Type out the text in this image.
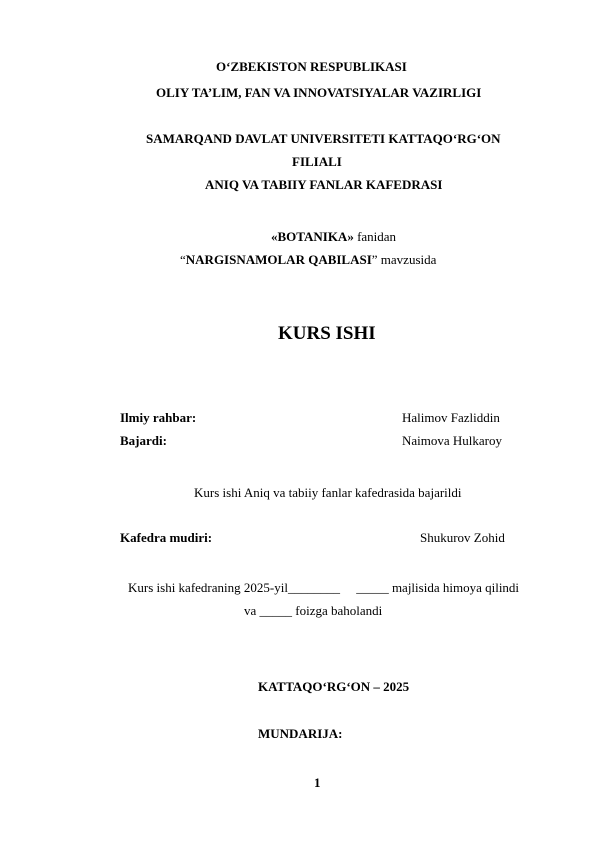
O‘ZBEKISTON RESPUBLIKASI
OLIY TA’LIM, FAN VA INNOVATSIYALAR VAZIRLIGI
SAMARQAND DAVLAT UNIVERSITETI KATTAQO‘RG‘ON
FILIALI
ANIQ VA TABIIY FANLAR KAFEDRASI
«BOTANIKA» fanidan
“NARGISNAMOLAR QABILASI” mavzusida
KURS ISHI
Ilmiy rahbar:	Halimov Fazliddin
Bajardi:	Naimova Hulkaroy
Kurs ishi Aniq va tabiiy fanlar kafedrasida bajarildi
Kafedra mudiri:	Shukurov Zohid
Kurs ishi kafedraning 2025-yil________     _____ majlisida himoya qilindi
va _____ foizga baholandi
KATTAQO‘RG‘ON – 2025
MUNDARIJA:
1
